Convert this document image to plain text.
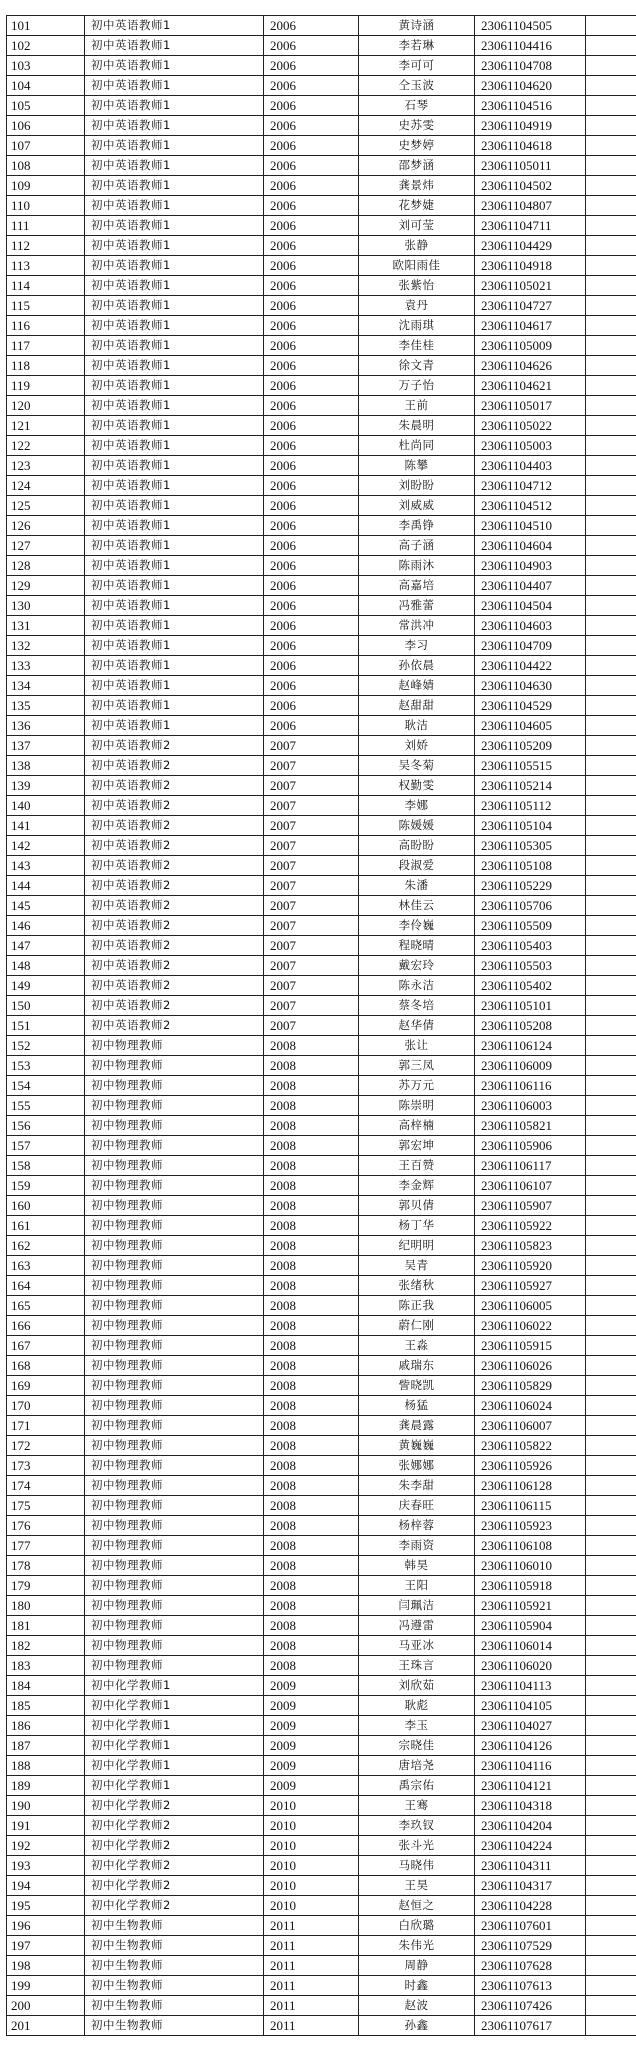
101	初中英语教师1	2006	黄诗涵	23061104505	
102	初中英语教师1	2006	李若琳	23061104416	
103	初中英语教师1	2006	李可可	23061104708	
104	初中英语教师1	2006	仝玉波	23061104620	
105	初中英语教师1	2006	石琴	23061104516	
106	初中英语教师1	2006	史苏雯	23061104919	
107	初中英语教师1	2006	史梦婷	23061104618	
108	初中英语教师1	2006	邵梦涵	23061105011	
109	初中英语教师1	2006	龚景炜	23061104502	
110	初中英语教师1	2006	花梦婕	23061104807	
111	初中英语教师1	2006	刘可莹	23061104711	
112	初中英语教师1	2006	张静	23061104429	
113	初中英语教师1	2006	欧阳雨佳	23061104918	
114	初中英语教师1	2006	张紫怡	23061105021	
115	初中英语教师1	2006	袁丹	23061104727	
116	初中英语教师1	2006	沈雨琪	23061104617	
117	初中英语教师1	2006	李佳桂	23061105009	
118	初中英语教师1	2006	徐文青	23061104626	
119	初中英语教师1	2006	万子怡	23061104621	
120	初中英语教师1	2006	王前	23061105017	
121	初中英语教师1	2006	朱晨明	23061105022	
122	初中英语教师1	2006	杜尚同	23061105003	
123	初中英语教师1	2006	陈攀	23061104403	
124	初中英语教师1	2006	刘盼盼	23061104712	
125	初中英语教师1	2006	刘威威	23061104512	
126	初中英语教师1	2006	李禹铮	23061104510	
127	初中英语教师1	2006	高子涵	23061104604	
128	初中英语教师1	2006	陈雨沐	23061104903	
129	初中英语教师1	2006	高嘉培	23061104407	
130	初中英语教师1	2006	冯雅蕾	23061104504	
131	初中英语教师1	2006	常洪冲	23061104603	
132	初中英语教师1	2006	李习	23061104709	
133	初中英语教师1	2006	孙依晨	23061104422	
134	初中英语教师1	2006	赵峰婧	23061104630	
135	初中英语教师1	2006	赵甜甜	23061104529	
136	初中英语教师1	2006	耿洁	23061104605	
137	初中英语教师2	2007	刘娇	23061105209	
138	初中英语教师2	2007	吴冬菊	23061105515	
139	初中英语教师2	2007	权勤雯	23061105214	
140	初中英语教师2	2007	李娜	23061105112	
141	初中英语教师2	2007	陈媛媛	23061105104	
142	初中英语教师2	2007	高盼盼	23061105305	
143	初中英语教师2	2007	段淑爱	23061105108	
144	初中英语教师2	2007	朱潘	23061105229	
145	初中英语教师2	2007	林佳云	23061105706	
146	初中英语教师2	2007	李伶巍	23061105509	
147	初中英语教师2	2007	程晓晴	23061105403	
148	初中英语教师2	2007	戴宏玲	23061105503	
149	初中英语教师2	2007	陈永洁	23061105402	
150	初中英语教师2	2007	蔡冬培	23061105101	
151	初中英语教师2	2007	赵华倩	23061105208	
152	初中物理教师	2008	张让	23061106124	
153	初中物理教师	2008	郭三凤	23061106009	
154	初中物理教师	2008	苏万元	23061106116	
155	初中物理教师	2008	陈崇明	23061106003	
156	初中物理教师	2008	高梓楠	23061105821	
157	初中物理教师	2008	郭宏坤	23061105906	
158	初中物理教师	2008	王百赞	23061106117	
159	初中物理教师	2008	李金辉	23061106107	
160	初中物理教师	2008	郭贝倩	23061105907	
161	初中物理教师	2008	杨丁华	23061105922	
162	初中物理教师	2008	纪明明	23061105823	
163	初中物理教师	2008	吴青	23061105920	
164	初中物理教师	2008	张绪秋	23061105927	
165	初中物理教师	2008	陈正我	23061106005	
166	初中物理教师	2008	蔚仁刚	23061106022	
167	初中物理教师	2008	王淼	23061105915	
168	初中物理教师	2008	戚瑞东	23061106026	
169	初中物理教师	2008	訾晓凯	23061105829	
170	初中物理教师	2008	杨猛	23061106024	
171	初中物理教师	2008	龚晨露	23061106007	
172	初中物理教师	2008	黄巍巍	23061105822	
173	初中物理教师	2008	张娜娜	23061105926	
174	初中物理教师	2008	朱李甜	23061106128	
175	初中物理教师	2008	庆春旺	23061106115	
176	初中物理教师	2008	杨梓蓉	23061105923	
177	初中物理教师	2008	李雨资	23061106108	
178	初中物理教师	2008	韩昊	23061106010	
179	初中物理教师	2008	王阳	23061105918	
180	初中物理教师	2008	闫珮洁	23061105921	
181	初中物理教师	2008	冯遵雷	23061105904	
182	初中物理教师	2008	马亚冰	23061106014	
183	初中物理教师	2008	王珠言	23061106020	
184	初中化学教师1	2009	刘欣茹	23061104113	
185	初中化学教师1	2009	耿彪	23061104105	
186	初中化学教师1	2009	李玉	23061104027	
187	初中化学教师1	2009	宗晓佳	23061104126	
188	初中化学教师1	2009	唐培尧	23061104116	
189	初中化学教师1	2009	禹宗佑	23061104121	
190	初中化学教师2	2010	王骞	23061104318	
191	初中化学教师2	2010	李玖钗	23061104204	
192	初中化学教师2	2010	张斗光	23061104224	
193	初中化学教师2	2010	马晓伟	23061104311	
194	初中化学教师2	2010	王昊	23061104317	
195	初中化学教师2	2010	赵恒之	23061104228	
196	初中生物教师	2011	白欣璐	23061107601	
197	初中生物教师	2011	朱伟光	23061107529	
198	初中生物教师	2011	周静	23061107628	
199	初中生物教师	2011	时鑫	23061107613	
200	初中生物教师	2011	赵波	23061107426	
201	初中生物教师	2011	孙鑫	23061107617	
